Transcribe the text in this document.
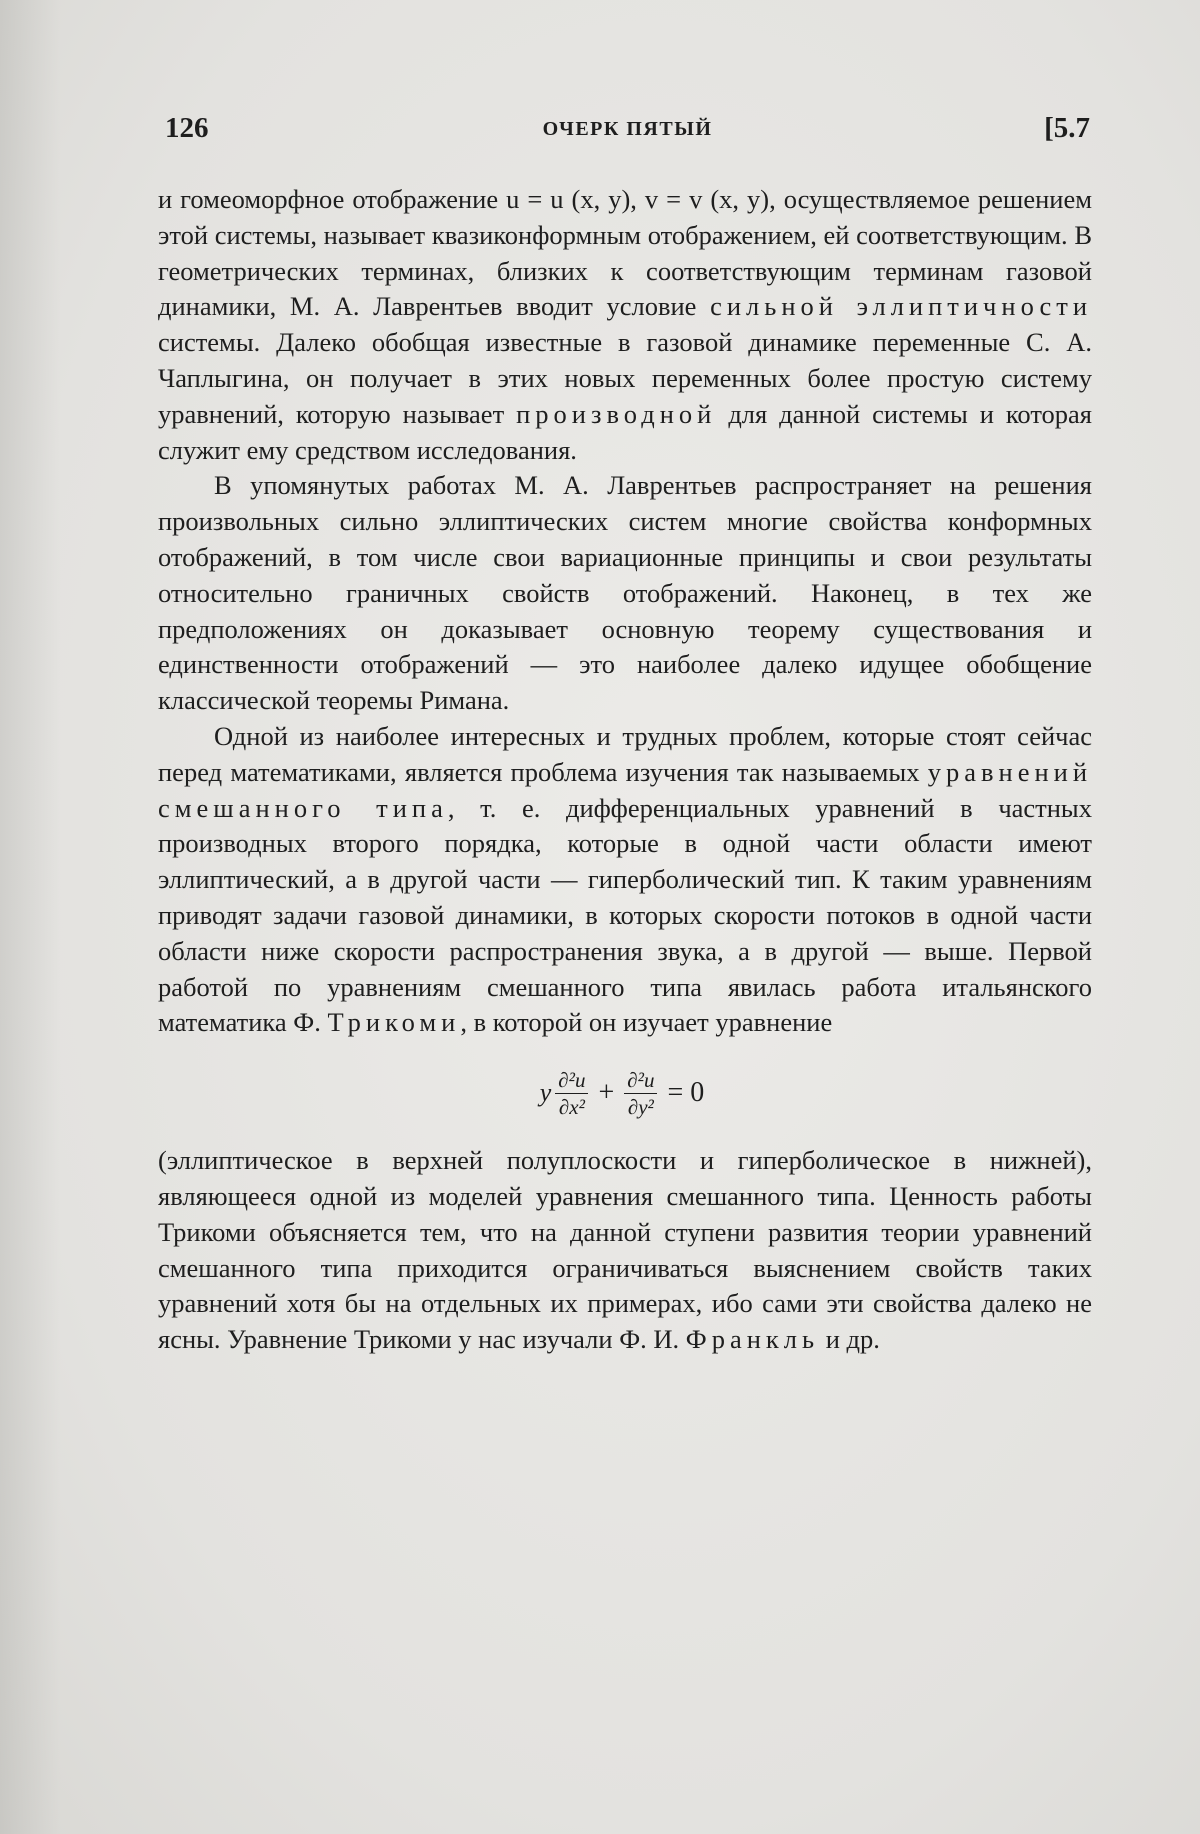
126	ОЧЕРК ПЯТЫЙ	[5.7

и гомеоморфное отображение u = u (x, y), v = v (x, y), осуществляемое решением этой системы, называет квазиконформным отображением, ей соответствующим. В геометрических терминах, близких к соответствующим терминам газовой динамики, М. А. Лаврентьев вводит условие сильной эллиптичности системы. Далеко обобщая известные в газовой динамике переменные С. А. Чаплыгина, он получает в этих новых переменных более простую систему уравнений, которую называет производной для данной системы и которая служит ему средством исследования.

В упомянутых работах М. А. Лаврентьев распространяет на решения произвольных сильно эллиптических систем многие свойства конформных отображений, в том числе свои вариационные принципы и свои результаты относительно граничных свойств отображений. Наконец, в тех же предположениях он доказывает основную теорему существования и единственности отображений — это наиболее далеко идущее обобщение классической теоремы Римана.

Одной из наиболее интересных и трудных проблем, которые стоят сейчас перед математиками, является проблема изучения так называемых уравнений смешанного типа, т. е. дифференциальных уравнений в частных производных второго порядка, которые в одной части области имеют эллиптический, а в другой части — гиперболический тип. К таким уравнениям приводят задачи газовой динамики, в которых скорости потоков в одной части области ниже скорости распространения звука, а в другой — выше. Первой работой по уравнениям смешанного типа явилась работа итальянского математика Ф. Трикоми, в которой он изучает уравнение

y $\frac{\text{∂²u}}{\text{∂x²}} + \frac{\text{∂²u}}{\text{∂y²}} = 0$

(эллиптическое в верхней полуплоскости и гиперболическое в нижней), являющееся одной из моделей уравнения смешанного типа. Ценность работы Трикоми объясняется тем, что на данной ступени развития теории уравнений смешанного типа приходится ограничиваться выяснением свойств таких уравнений хотя бы на отдельных их примерах, ибо сами эти свойства далеко не ясны. Уравнение Трикоми у нас изучали Ф. И. Франкль и др.
